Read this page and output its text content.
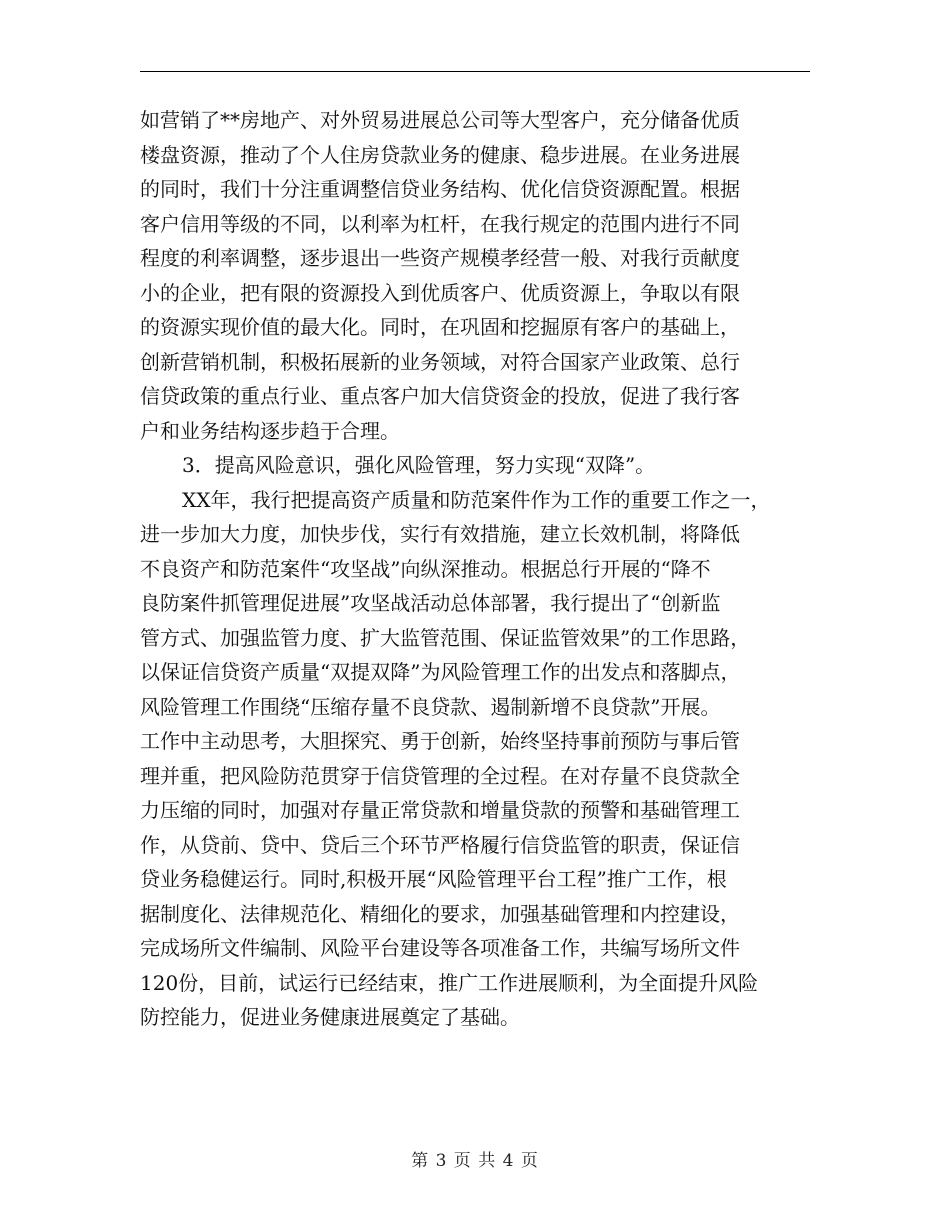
如营销了**房地产、对外贸易进展总公司等大型客户，充分储备优质
楼盘资源，推动了个人住房贷款业务的健康、稳步进展。在业务进展
的同时，我们十分注重调整信贷业务结构、优化信贷资源配置。根据
客户信用等级的不同，以利率为杠杆，在我行规定的范围内进行不同
程度的利率调整，逐步退出一些资产规模孝经营一般、对我行贡献度
小的企业，把有限的资源投入到优质客户、优质资源上，争取以有限
的资源实现价值的最大化。同时，在巩固和挖掘原有客户的基础上，
创新营销机制，积极拓展新的业务领域，对符合国家产业政策、总行
信贷政策的重点行业、重点客户加大信贷资金的投放，促进了我行客
户和业务结构逐步趋于合理。
3．提高风险意识，强化风险管理，努力实现“双降”。
XX年，我行把提高资产质量和防范案件作为工作的重要工作之一，
进一步加大力度，加快步伐，实行有效措施，建立长效机制，将降低
不良资产和防范案件“攻坚战”向纵深推动。根据总行开展的“降不
良防案件抓管理促进展”攻坚战活动总体部署，我行提出了“创新监
管方式、加强监管力度、扩大监管范围、保证监管效果”的工作思路，
以保证信贷资产质量“双提双降”为风险管理工作的出发点和落脚点，
风险管理工作围绕“压缩存量不良贷款、遏制新增不良贷款”开展。
工作中主动思考，大胆探究、勇于创新，始终坚持事前预防与事后管
理并重，把风险防范贯穿于信贷管理的全过程。在对存量不良贷款全
力压缩的同时，加强对存量正常贷款和增量贷款的预警和基础管理工
作，从贷前、贷中、贷后三个环节严格履行信贷监管的职责，保证信
贷业务稳健运行。同时,积极开展“风险管理平台工程”推广工作，根
据制度化、法律规范化、精细化的要求，加强基础管理和内控建设，
完成场所文件编制、风险平台建设等各项准备工作，共编写场所文件
120份，目前，试运行已经结束，推广工作进展顺利，为全面提升风险
防控能力，促进业务健康进展奠定了基础。
第 3 页 共 4 页
